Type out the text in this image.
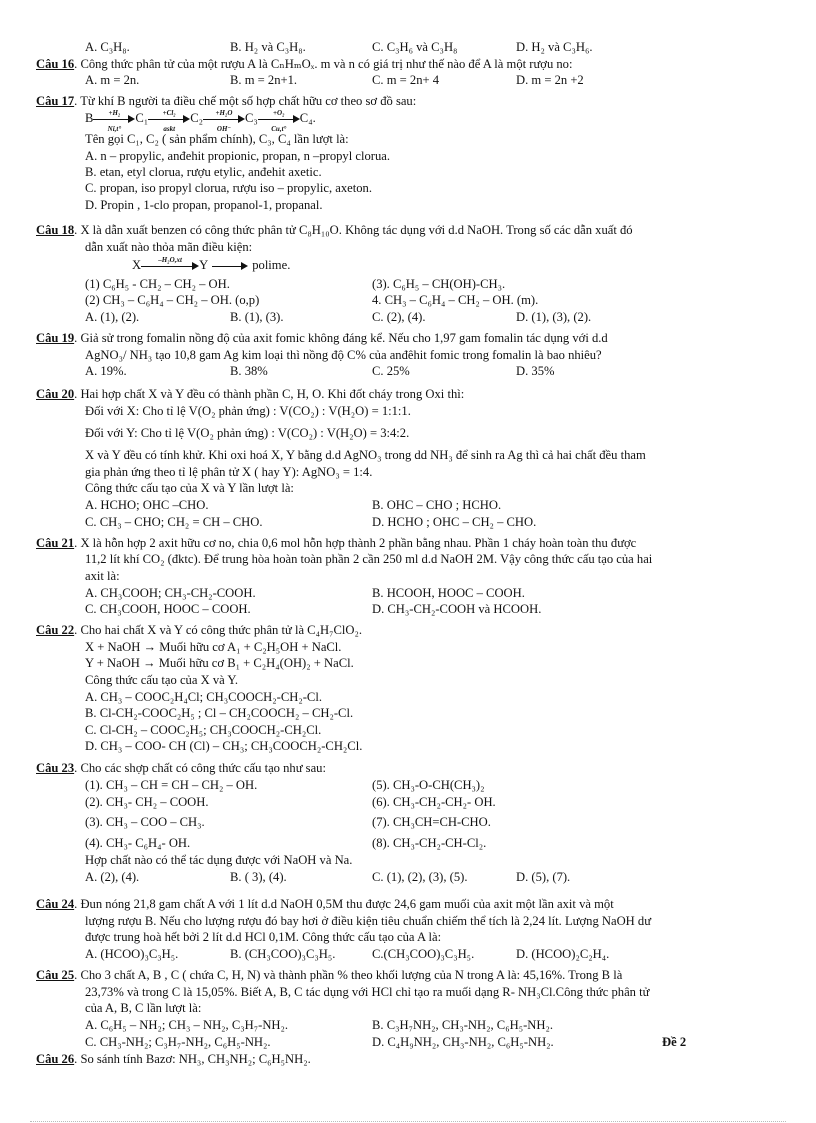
A. C₃H₈.	B. H₂ và C₃H₈.	C. C₃H₆ và C₃H₈	D. H₂ và C₃H₆.
Câu 16. Công thức phân tử của một rượu A là CₙHₘOₓ. m và n có giá trị như thế nào để A là một rượu no:
A. m = 2n.	B. m = 2n+1.	C. m = 2n+ 4	D. m = 2n +2
Câu 17. Từ khí B người ta điều chế một số hợp chất hữu cơ theo sơ đồ sau:
B	+H₂
Ni,t°
C₁	+Cl₂
askt
C₂	+H₂O
OH⁻
C₃	+O₂
Cu,t°
C₄.
Tên gọi C₁, C₂ ( sản phẩm chính), C₃, C₄ lần lượt là:
A. n – propylic, anđehit propionic, propan, n –propyl clorua.
B. etan, etyl clorua, rượu etylic, anđehit axetic.
C. propan, iso propyl clorua, rượu iso – propylic, axeton.
D. Propin , 1-clo propan, propanol-1, propanal.
Câu 18. X là dẫn xuất benzen có công thức phân tử C₈H₁₀O. Không tác dụng với d.d NaOH. Trong số các dẫn xuất đó
dẫn xuất nào thỏa mãn điều kiện:
X	–H₂O,xt	Y	polime.
(1) C₆H₅ - CH₂ – CH₂ – OH.	(3). C₆H₅ – CH(OH)-CH₃.
(2) CH₃ – C₆H₄ – CH₂ – OH. (o,p)	4. CH₃ – C₆H₄ – CH₂ – OH. (m).
A. (1), (2).	B. (1), (3).	C. (2), (4).	D. (1), (3), (2).
Câu 19. Giả sử trong fomalin nồng độ của axit fomic không đáng kể. Nếu cho 1,97 gam fomalin tác dụng với d.d
AgNO₃/ NH₃ tạo 10,8 gam Ag kim loại thì nồng độ C% của anđêhit fomic trong fomalin là bao nhiêu?
A. 19%.	B. 38%	C. 25%	D. 35%
Câu 20. Hai hợp chất X và Y đều có thành phần C, H, O. Khi đốt cháy trong Oxi thì:
Đối với X: Cho tỉ lệ V(O₂ phản ứng) : V(CO₂) : V(H₂O) = 1:1:1.
Đối với Y: Cho tỉ lệ V(O₂ phản ứng) : V(CO₂) : V(H₂O) = 3:4:2.
X và Y đều có tính khử. Khi oxi hoá X, Y bằng d.d AgNO₃ trong dd NH₃ để sinh ra Ag thì cả hai chất đều tham
gia phản ứng theo tỉ lệ phân tử X ( hay Y): AgNO₃ = 1:4.
Công thức cấu tạo của X và Y lần lượt là:
A. HCHO; OHC –CHO.	B. OHC – CHO ; HCHO.
C. CH₃ – CHO; CH₂ = CH – CHO.	D. HCHO ; OHC – CH₂ – CHO.
Câu 21. X là hỗn hợp 2 axit hữu cơ no, chia 0,6 mol hỗn hợp thành 2 phần bằng nhau. Phần 1 cháy hoàn toàn thu được
11,2 lít khí CO₂ (đktc). Để trung hòa hoàn toàn phần 2 cần 250 ml d.d NaOH 2M. Vậy công thức cấu tạo của hai
axit là:
A. CH₃COOH; CH₃-CH₂-COOH.	B. HCOOH, HOOC – COOH.
C. CH₃COOH, HOOC – COOH.	D. CH₃-CH₂-COOH và HCOOH.
Câu 22. Cho hai chất X và Y có công thức phân tử là C₄H₇ClO₂.
X + NaOH → Muối hữu cơ A₁ + C₂H₅OH + NaCl.
Y + NaOH → Muối hữu cơ B₁ + C₂H₄(OH)₂ + NaCl.
Công thức cấu tạo của X và Y.
A. CH₃ – COOC₂H₄Cl; CH₃COOCH₂-CH₂-Cl.
B. Cl-CH₂-COOC₂H₅ ; Cl – CH₂COOCH₂ – CH₂-Cl.
C. Cl-CH₂ – COOC₂H₅; CH₃COOCH₂-CH₂Cl.
D. CH₃ – COO- CH (Cl) – CH₃; CH₃COOCH₂-CH₂Cl.
Câu 23. Cho các shợp chất có công thức cấu tạo như sau:
(1). CH₃ – CH = CH – CH₂ – OH.	(5). CH₃-O-CH(CH₃)₂
(2). CH₃- CH₂ – COOH.	(6). CH₃-CH₂-CH₂- OH.
(3). CH₃ – COO – CH₃.	(7). CH₃CH=CH-CHO.
(4). CH₃- C₆H₄- OH.	(8). CH₃-CH₂-CH-Cl₂.
Hợp chất nào có thể tác dụng được với NaOH và Na.
A. (2), (4).	B. ( 3), (4).	C. (1), (2), (3), (5).	D. (5), (7).
Câu 24. Đun nóng 21,8 gam chất A với 1 lít d.d NaOH 0,5M thu được 24,6 gam muối của axit một lần axit và một
lượng rượu B. Nếu cho lượng rượu đó bay hơi ở điều kiện tiêu chuẩn chiếm thể tích là 2,24 lít. Lượng NaOH dư
được trung hoà hết bởi 2 lít d.d HCl 0,1M. Công thức cấu tạo của A là:
A. (HCOO)₃C₃H₅.	B. (CH₃COO)₃C₃H₅.	C.(CH₃COO)₃C₃H₅.	D. (HCOO)₂C₂H₄.
Câu 25. Cho 3 chất A, B , C ( chứa C, H, N) và thành phần % theo khối lượng của N trong A là: 45,16%. Trong B là
23,73% và trong C là 15,05%. Biết A, B, C tác dụng với HCl chỉ tạo ra muối dạng R- NH₃Cl.Công thức phân tử
của A, B, C lần lượt là:
A. C₆H₅ – NH₂; CH₃ – NH₂, C₃H₇-NH₂.	B. C₃H₇NH₂, CH₃-NH₂, C₆H₅-NH₂.
C. CH₃-NH₂; C₃H₇-NH₂, C₆H₅-NH₂.	D. C₄H₉NH₂, CH₃-NH₂, C₆H₅-NH₂.	Đề 2
Câu 26. So sánh tính Bazơ: NH₃, CH₃NH₂; C₆H₅NH₂.
